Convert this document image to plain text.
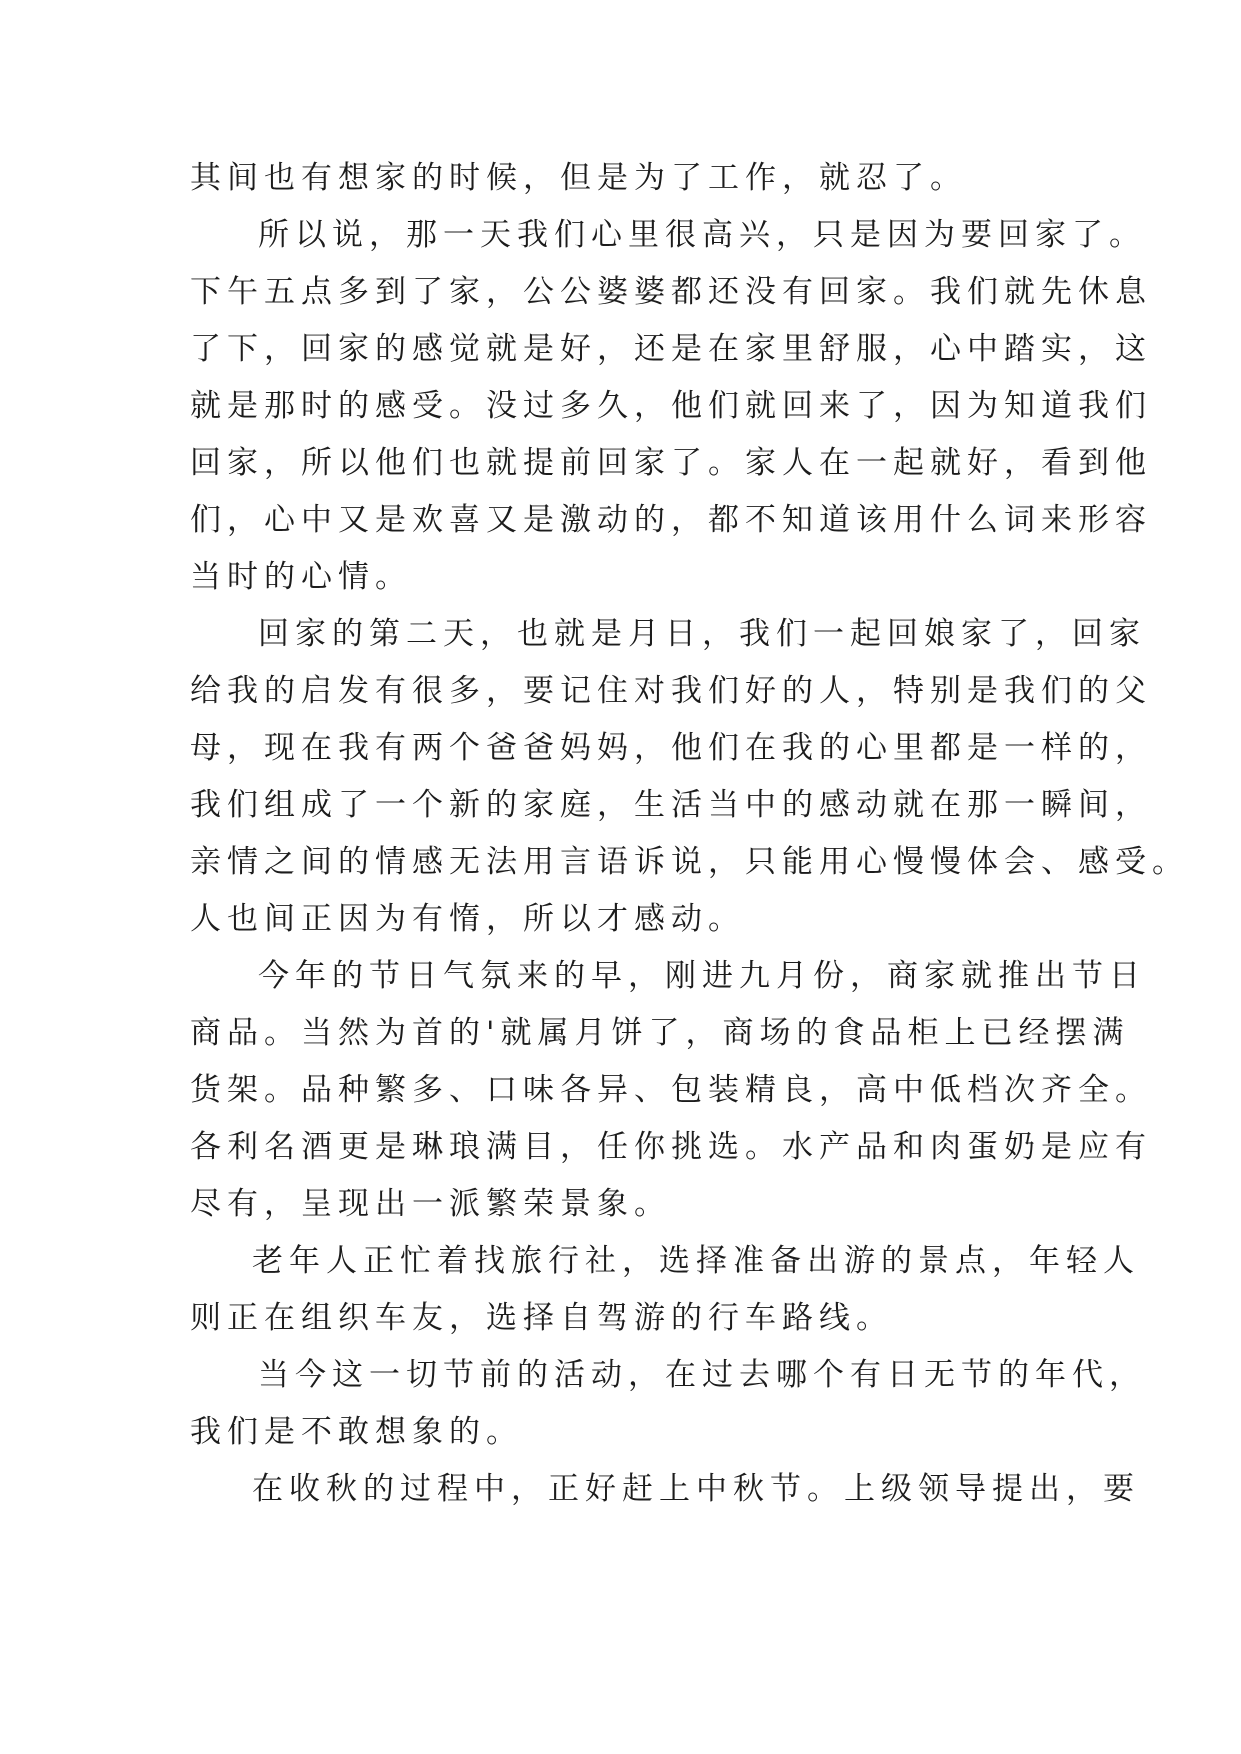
其间也有想家的时候，但是为了工作，就忍了。
所以说，那一天我们心里很高兴，只是因为要回家了。
下午五点多到了家，公公婆婆都还没有回家。我们就先休息
了下，回家的感觉就是好，还是在家里舒服，心中踏实，这
就是那时的感受。没过多久，他们就回来了，因为知道我们
回家，所以他们也就提前回家了。家人在一起就好，看到他
们，心中又是欢喜又是激动的，都不知道该用什么词来形容
当时的心情。
回家的第二天，也就是月日，我们一起回娘家了，回家
给我的启发有很多，要记住对我们好的人，特别是我们的父
母，现在我有两个爸爸妈妈，他们在我的心里都是一样的，
我们组成了一个新的家庭，生活当中的感动就在那一瞬间，
亲情之间的情感无法用言语诉说，只能用心慢慢体会、感受。
人也间正因为有惰，所以才感动。
今年的节日气氛来的早，刚进九月份，商家就推出节日
商品。当然为首的'就属月饼了，商场的食品柜上已经摆满
货架。品种繁多、口味各异、包装精良，高中低档次齐全。
各利名酒更是琳琅满目，任你挑选。水产品和肉蛋奶是应有
尽有，呈现出一派繁荣景象。
老年人正忙着找旅行社，选择准备出游的景点，年轻人
则正在组织车友，选择自驾游的行车路线。
当今这一切节前的活动，在过去哪个有日无节的年代，
我们是不敢想象的。
在收秋的过程中，正好赶上中秋节。上级领导提出，要
